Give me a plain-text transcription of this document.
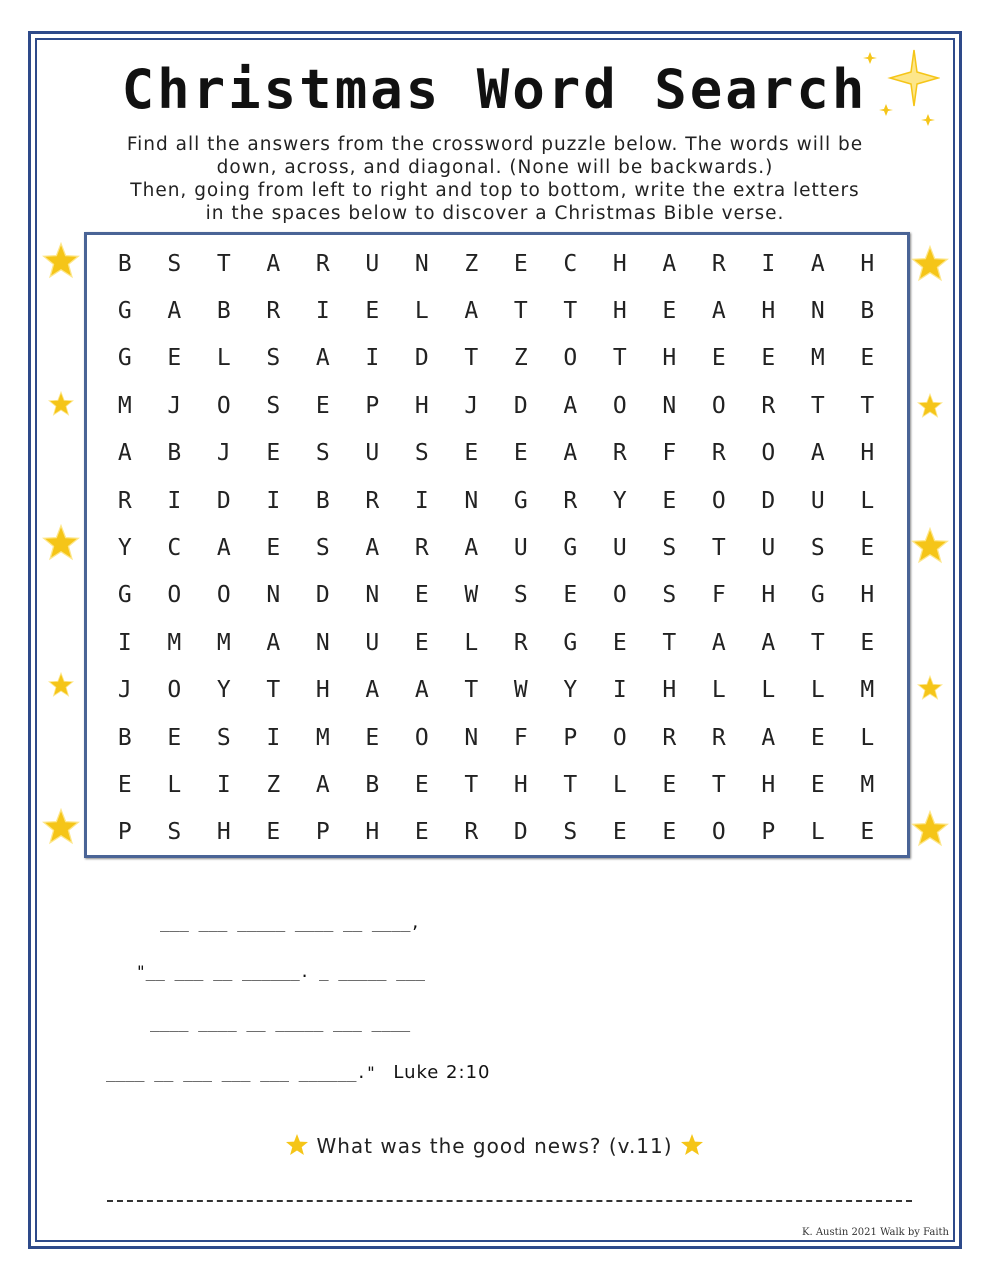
Christmas Word Search
Find all the answers from the crossword puzzle below. The words will be
down, across, and diagonal. (None will be backwards.)
Then, going from left to right and top to bottom, write the extra letters
in the spaces below to discover a Christmas Bible verse.
B	S	T	A	R	U	N	Z	E	C	H	A	R	I	A	H
G	A	B	R	I	E	L	A	T	T	H	E	A	H	N	B
G	E	L	S	A	I	D	T	Z	O	T	H	E	E	M	E
M	J	O	S	E	P	H	J	D	A	O	N	O	R	T	T
A	B	J	E	S	U	S	E	E	A	R	F	R	O	A	H
R	I	D	I	B	R	I	N	G	R	Y	E	O	D	U	L
Y	C	A	E	S	A	R	A	U	G	U	S	T	U	S	E
G	O	O	N	D	N	E	W	S	E	O	S	F	H	G	H
I	M	M	A	N	U	E	L	R	G	E	T	A	A	T	E
J	O	Y	T	H	A	A	T	W	Y	I	H	L	L	L	M
B	E	S	I	M	E	O	N	F	P	O	R	R	A	E	L
E	L	I	Z	A	B	E	T	H	T	L	E	T	H	E	M
P	S	H	E	P	H	E	R	D	S	E	E	O	P	L	E
___ ___ _____ ____ __ ____,
"__ ___ __ ______. _ _____ ___
____ ____ __ _____ ___ ____
____ __ ___ ___ ___ ______." Luke 2:10
What was the good news? (v.11)
K. Austin 2021 Walk by Faith
